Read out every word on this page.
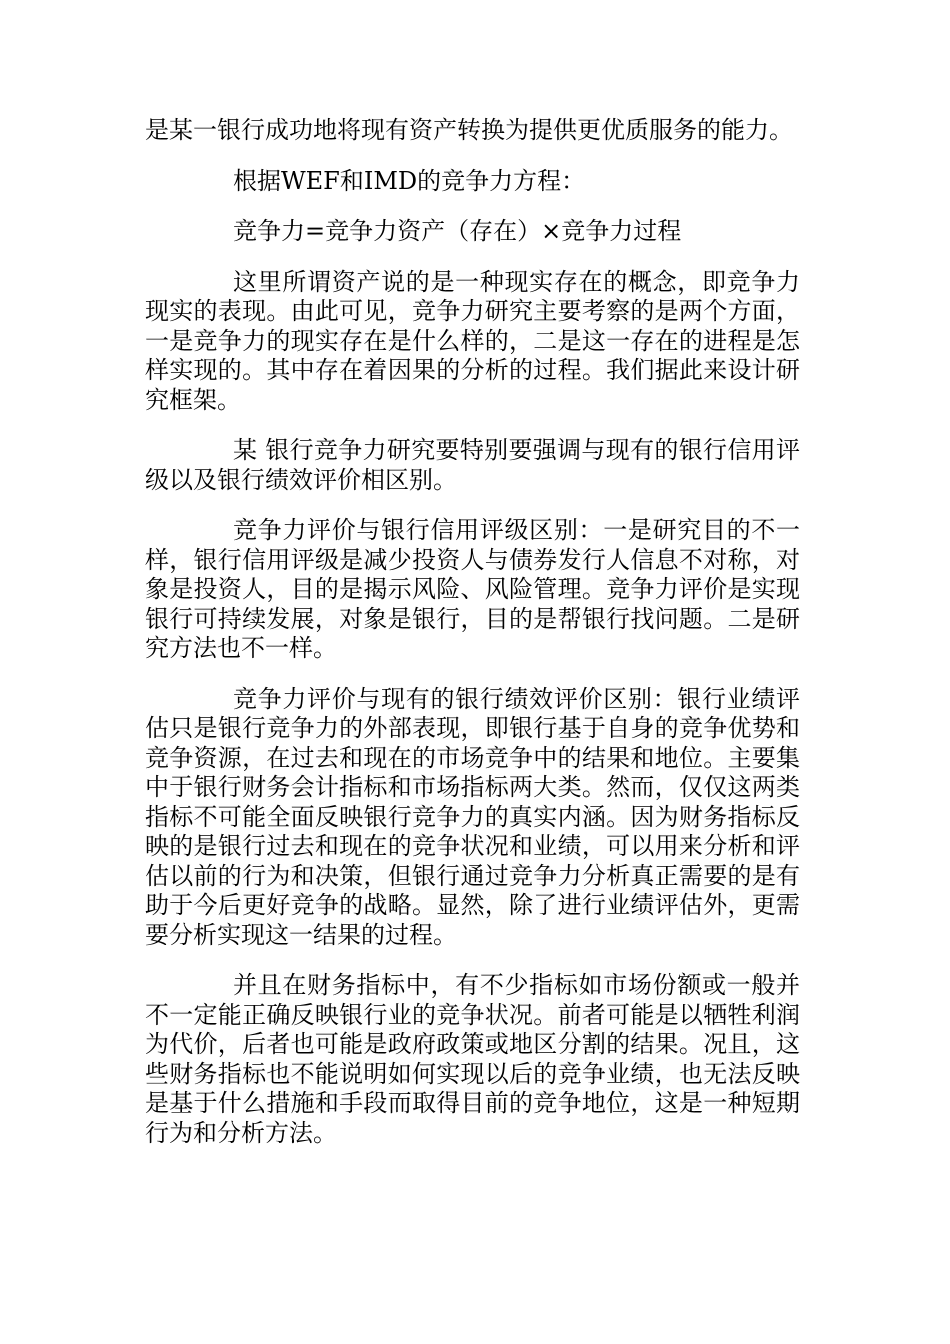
是某一银行成功地将现有资产转换为提供更优质服务的能力。

根据WEF和IMD的竞争力方程：

竞争力=竞争力资产（存在）×竞争力过程

这里所谓资产说的是一种现实存在的概念，即竞争力现实的表现。由此可见，竞争力研究主要考察的是两个方面，一是竞争力的现实存在是什么样的，二是这一存在的进程是怎样实现的。其中存在着因果的分析的过程。我们据此来设计研究框架。

某 银行竞争力研究要特别要强调与现有的银行信用评级以及银行绩效评价相区别。

竞争力评价与银行信用评级区别：一是研究目的不一样，银行信用评级是减少投资人与债券发行人信息不对称，对象是投资人，目的是揭示风险、风险管理。竞争力评价是实现银行可持续发展，对象是银行，目的是帮银行找问题。二是研究方法也不一样。

竞争力评价与现有的银行绩效评价区别：银行业绩评估只是银行竞争力的外部表现，即银行基于自身的竞争优势和竞争资源，在过去和现在的市场竞争中的结果和地位。主要集中于银行财务会计指标和市场指标两大类。然而，仅仅这两类指标不可能全面反映银行竞争力的真实内涵。因为财务指标反映的是银行过去和现在的竞争状况和业绩，可以用来分析和评估以前的行为和决策，但银行通过竞争力分析真正需要的是有助于今后更好竞争的战略。显然，除了进行业绩评估外，更需要分析实现这一结果的过程。

并且在财务指标中，有不少指标如市场份额或一般并不一定能正确反映银行业的竞争状况。前者可能是以牺牲利润为代价，后者也可能是政府政策或地区分割的结果。况且，这些财务指标也不能说明如何实现以后的竞争业绩，也无法反映是基于什么措施和手段而取得目前的竞争地位，这是一种短期行为和分析方法。
